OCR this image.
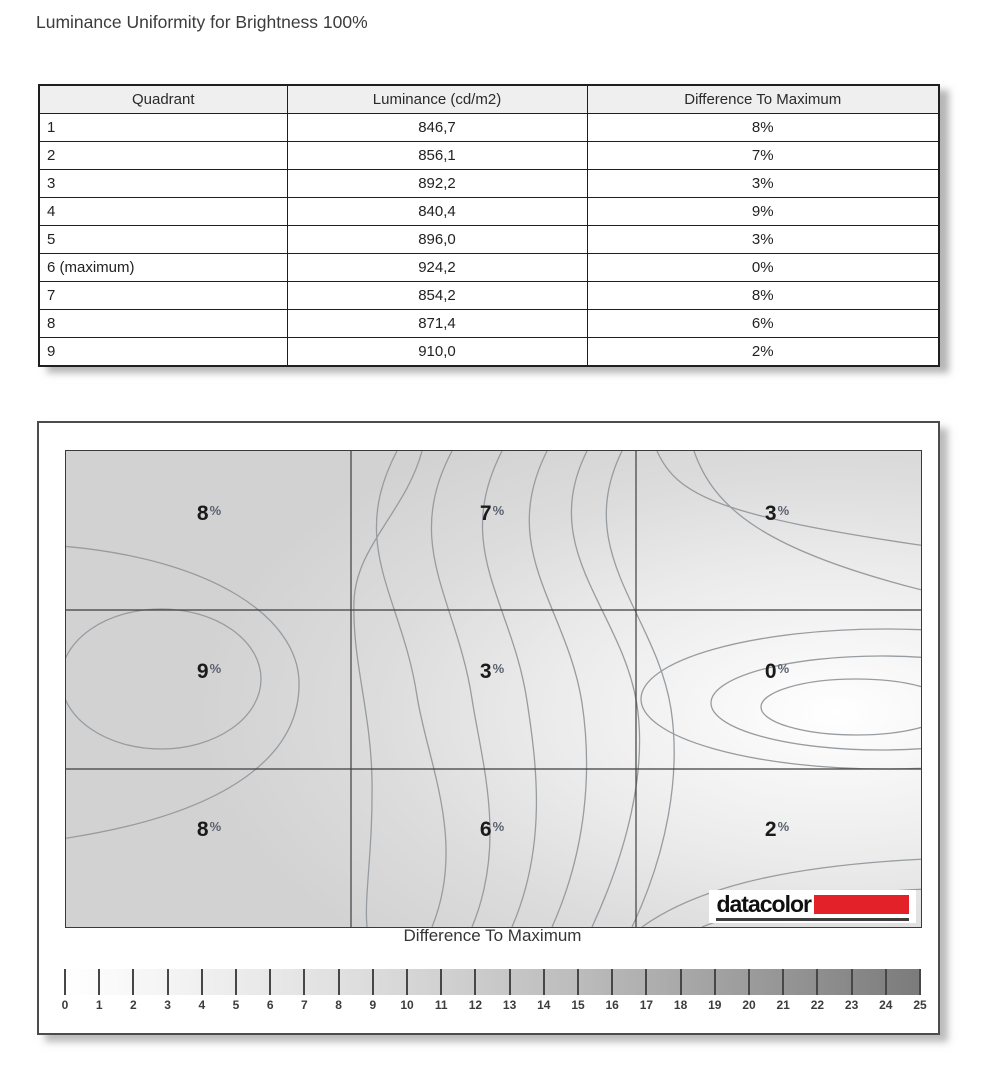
Luminance Uniformity for Brightness 100%
Quadrant	Luminance (cd/m2)	Difference To Maximum
1	846,7	8%
2	856,1	7%
3	892,2	3%
4	840,4	9%
5	896,0	3%
6 (maximum)	924,2	0%
7	854,2	8%
8	871,4	6%
9	910,0	2%
8%	7%	3%
9%	3%	0%
8%	6%	2%
datacolor
Difference To Maximum
0 1 2 3 4 5 6 7 8 9 10 11 12 13 14 15 16 17 18 19 20 21 22 23 24 25
